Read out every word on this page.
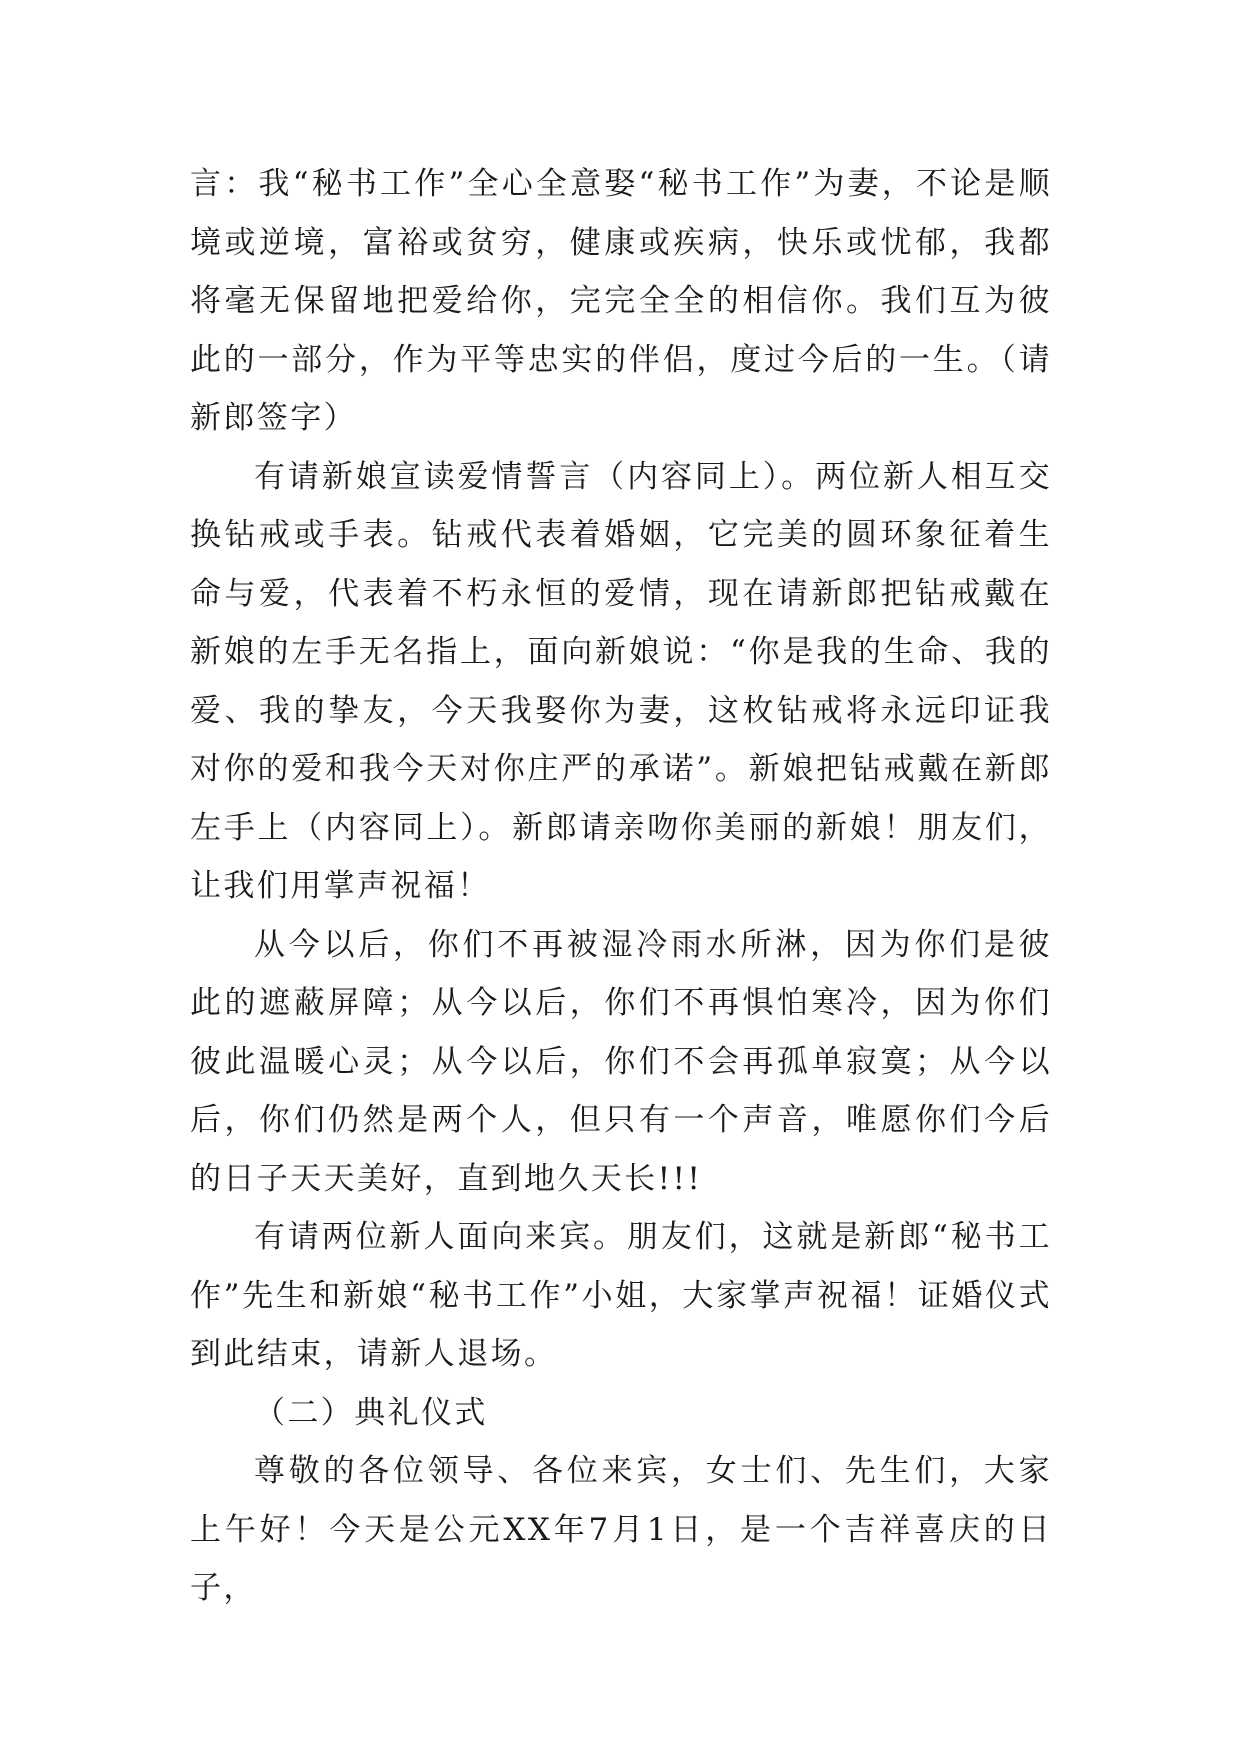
言：我“秘书工作”全心全意娶“秘书工作”为妻，不论是顺境或逆境，富裕或贫穷，健康或疾病，快乐或忧郁，我都将毫无保留地把爱给你，完完全全的相信你。我们互为彼此的一部分，作为平等忠实的伴侣，度过今后的一生。（请新郎签字）

有请新娘宣读爱情誓言（内容同上）。两位新人相互交换钻戒或手表。钻戒代表着婚姻，它完美的圆环象征着生命与爱，代表着不朽永恒的爱情，现在请新郎把钻戒戴在新娘的左手无名指上，面向新娘说：“你是我的生命、我的爱、我的挚友，今天我娶你为妻，这枚钻戒将永远印证我对你的爱和我今天对你庄严的承诺”。新娘把钻戒戴在新郎左手上（内容同上）。新郎请亲吻你美丽的新娘！朋友们，让我们用掌声祝福！

从今以后，你们不再被湿冷雨水所淋，因为你们是彼此的遮蔽屏障；从今以后，你们不再惧怕寒冷，因为你们彼此温暖心灵；从今以后，你们不会再孤单寂寞；从今以后，你们仍然是两个人，但只有一个声音，唯愿你们今后的日子天天美好，直到地久天长!!!

有请两位新人面向来宾。朋友们，这就是新郎“秘书工作”先生和新娘“秘书工作”小姐，大家掌声祝福！证婚仪式到此结束，请新人退场。

（二）典礼仪式

尊敬的各位领导、各位来宾，女士们、先生们，大家上午好！今天是公元XX年7月1日，是一个吉祥喜庆的日子，
